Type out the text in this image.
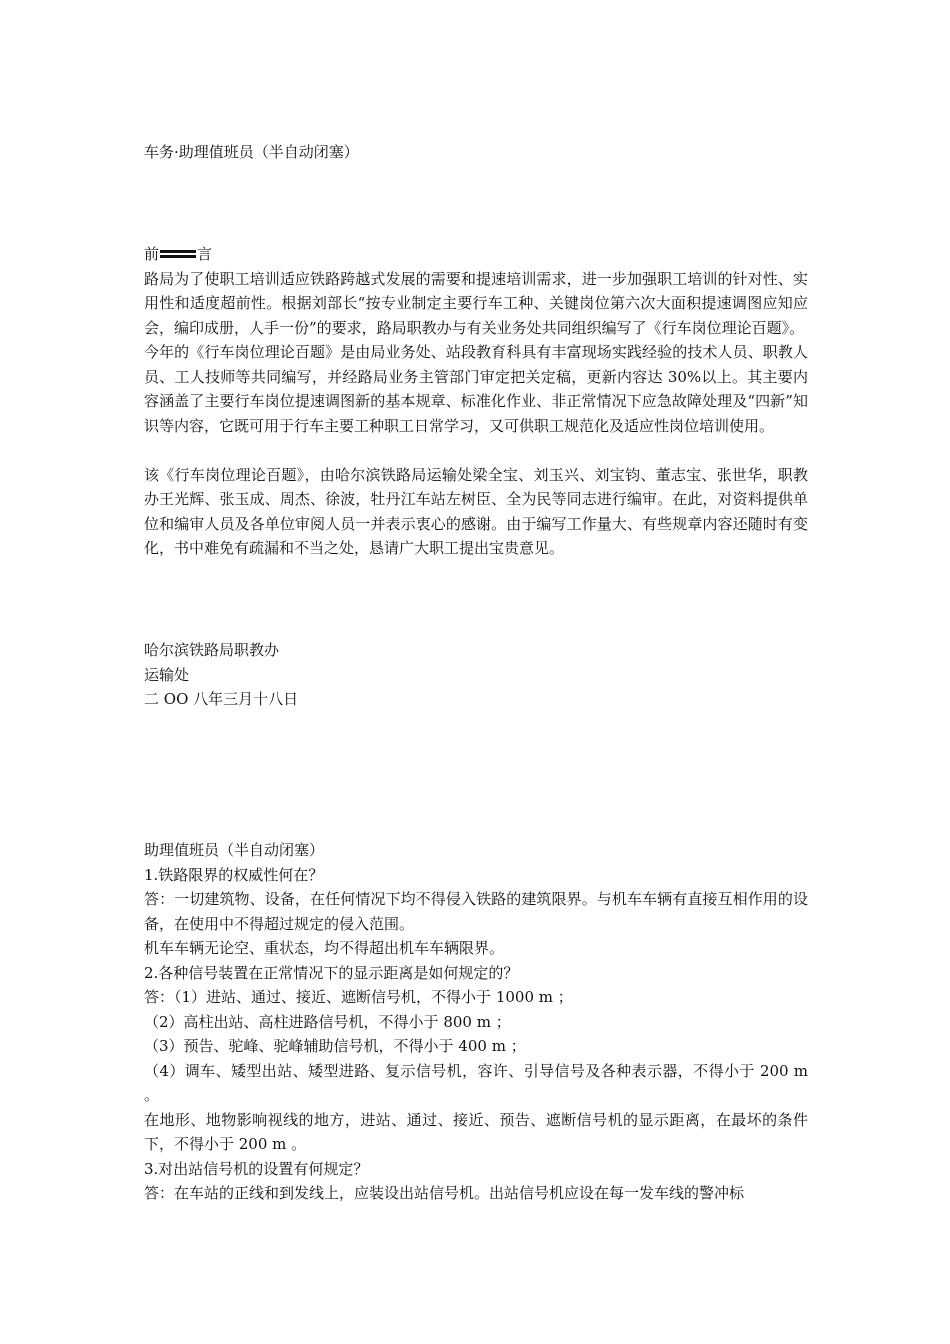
车务·助理值班员（半自动闭塞）
前	言

路局为了使职工培训适应铁路跨越式发展的需要和提速培训需求，进一步加强职工培训的针对性、实用性和适度超前性。根据刘部长“按专业制定主要行车工种、关键岗位第六次大面积提速调图应知应会，编印成册，人手一份”的要求，路局职教办与有关业务处共同组织编写了《行车岗位理论百题》。

今年的《行车岗位理论百题》是由局业务处、站段教育科具有丰富现场实践经验的技术人员、职教人员、工人技师等共同编写，并经路局业务主管部门审定把关定稿，更新内容达 30%以上。其主要内容涵盖了主要行车岗位提速调图新的基本规章、标准化作业、非正常情况下应急故障处理及“四新”知识等内容，它既可用于行车主要工种职工日常学习，又可供职工规范化及适应性岗位培训使用。

该《行车岗位理论百题》，由哈尔滨铁路局运输处梁全宝、刘玉兴、刘宝钧、董志宝、张世华，职教办王光辉、张玉成、周杰、徐波，牡丹江车站左树臣、全为民等同志进行编审。在此，对资料提供单位和编审人员及各单位审阅人员一并表示衷心的感谢。由于编写工作量大、有些规章内容还随时有变化，书中难免有疏漏和不当之处，恳请广大职工提出宝贵意见。

哈尔滨铁路局职教办
运输处
二 OO 八年三月十八日
助理值班员（半自动闭塞）
1.铁路限界的权威性何在？
答：一切建筑物、设备，在任何情况下均不得侵入铁路的建筑限界。与机车车辆有直接互相作用的设备，在使用中不得超过规定的侵入范围。
机车车辆无论空、重状态，均不得超出机车车辆限界。
2.各种信号装置在正常情况下的显示距离是如何规定的？
答：（1）进站、通过、接近、遮断信号机，不得小于 1000 m ；
（2）高柱出站、高柱进路信号机，不得小于 800 m ；
（3）预告、驼峰、驼峰辅助信号机，不得小于 400 m ；
（4）调车、矮型出站、矮型进路、复示信号机，容许、引导信号及各种表示器，不得小于 200 m 。
在地形、地物影响视线的地方，进站、通过、接近、预告、遮断信号机的显示距离，在最坏的条件下，不得小于 200 m 。
3.对出站信号机的设置有何规定？
答：在车站的正线和到发线上，应装设出站信号机。出站信号机应设在每一发车线的警冲标
